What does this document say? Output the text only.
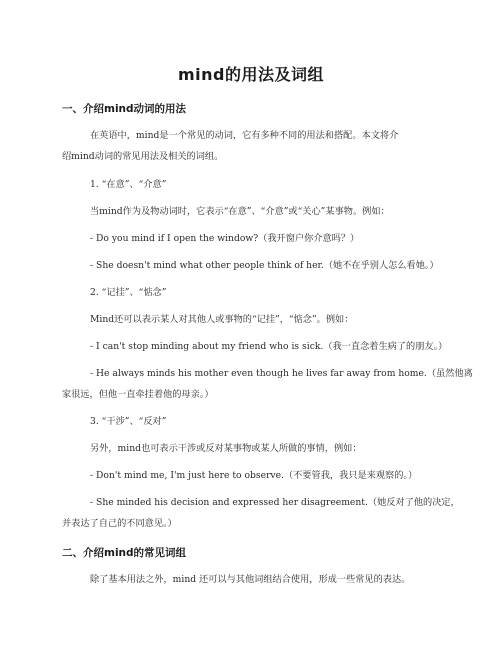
mind的用法及词组
一、介绍mind动词的用法
在英语中，mind是一个常见的动词，它有多种不同的用法和搭配。本文将介
绍mind动词的常见用法及相关的词组。
1. “在意”、“介意”
当mind作为及物动词时，它表示“在意”、“介意”或“关心”某事物。例如：
- Do you mind if I open the window?（我开窗户你介意吗？）
- She doesn't mind what other people think of her.（她不在乎别人怎么看她。）
2. “记挂”、“惦念”
Mind还可以表示某人对其他人或事物的“记挂”，“惦念”。例如：
- I can't stop minding about my friend who is sick.（我一直念着生病了的朋友。）
- He always minds his mother even though he lives far away from home.（虽然他离
家很远，但他一直牵挂着他的母亲。）
3. “干涉”、“反对”
另外，mind也可表示干涉或反对某事物或某人所做的事情，例如：
- Don't mind me, I'm just here to observe.（不要管我，我只是来观察的。）
- She minded his decision and expressed her disagreement.（她反对了他的决定，
并表达了自己的不同意见。）
二、介绍mind的常见词组
除了基本用法之外，mind 还可以与其他词组结合使用，形成一些常见的表达。
